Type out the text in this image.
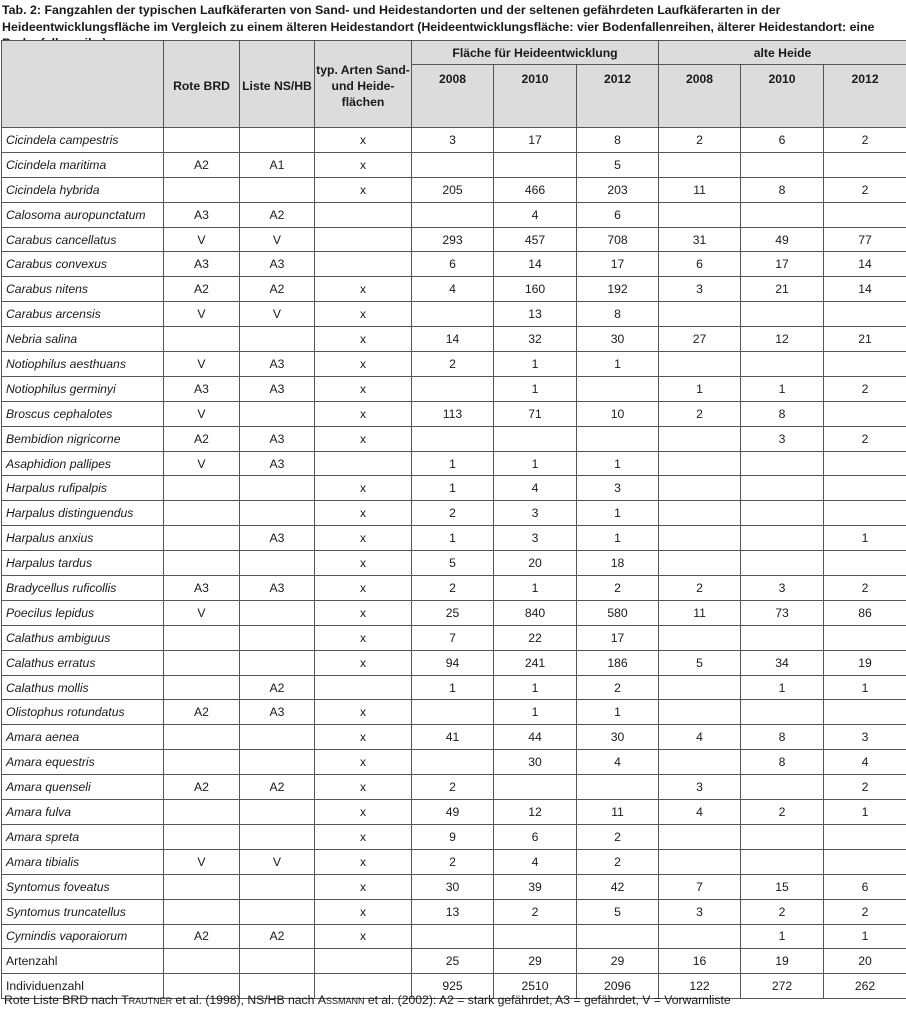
Tab. 2: Fangzahlen der typischen Laufkäferarten von Sand- und Heidestandorten und der seltenen gefährdeten Laufkäferarten in der Heideentwicklungsfläche im Vergleich zu einem älteren Heidestandort (Heideentwicklungsfläche: vier Bodenfallenreihen, älterer Heidestandort: eine
	Rote BRD	Liste NS/HB	typ. Arten Sand- und Heide- flächen	Fläche für Heideentwicklung			alte Heide		
				2008	2010	2012	2008	2010	2012
Cicindela campestris			x	3	17	8	2	6	2
Cicindela maritima	A2	A1	x			5			
Cicindela hybrida			x	205	466	203	11	8	2
Calosoma auropunctatum	A3	A2			4	6			
Carabus cancellatus	V	V		293	457	708	31	49	77
Carabus convexus	A3	A3		6	14	17	6	17	14
Carabus nitens	A2	A2	x	4	160	192	3	21	14
Carabus arcensis	V	V	x		13	8			
Nebria salina			x	14	32	30	27	12	21
Notiophilus aesthuans	V	A3	x	2	1	1			
Notiophilus germinyi	A3	A3	x		1		1	1	2
Broscus cephalotes	V		x	113	71	10	2	8	
Bembidion nigricorne	A2	A3	x					3	2
Asaphidion pallipes	V	A3		1	1	1			
Harpalus rufipalpis			x	1	4	3			
Harpalus distinguendus			x	2	3	1			
Harpalus anxius		A3	x	1	3	1			1
Harpalus tardus			x	5	20	18			
Bradycellus ruficollis	A3	A3	x	2	1	2	2	3	2
Poecilus lepidus	V		x	25	840	580	11	73	86
Calathus ambiguus			x	7	22	17			
Calathus erratus			x	94	241	186	5	34	19
Calathus mollis		A2		1	1	2		1	1
Olistophus rotundatus	A2	A3	x		1	1			
Amara aenea			x	41	44	30	4	8	3
Amara equestris			x		30	4		8	4
Amara quenseli	A2	A2	x	2			3		2
Amara fulva			x	49	12	11	4	2	1
Amara spreta			x	9	6	2			
Amara tibialis	V	V	x	2	4	2			
Syntomus foveatus			x	30	39	42	7	15	6
Syntomus truncatellus			x	13	2	5	3	2	2
Cymindis vaporaiorum	A2	A2	x					1	1
Artenzahl				25	29	29	16	19	20
Individuenzahl				925	2510	2096	122	272	262
Rote Liste BRD nach Trautner et al. (1998), NS/HB nach Assmann et al. (2002): A2 = stark gefährdet, A3 = gefährdet, V = Vorwarnliste
